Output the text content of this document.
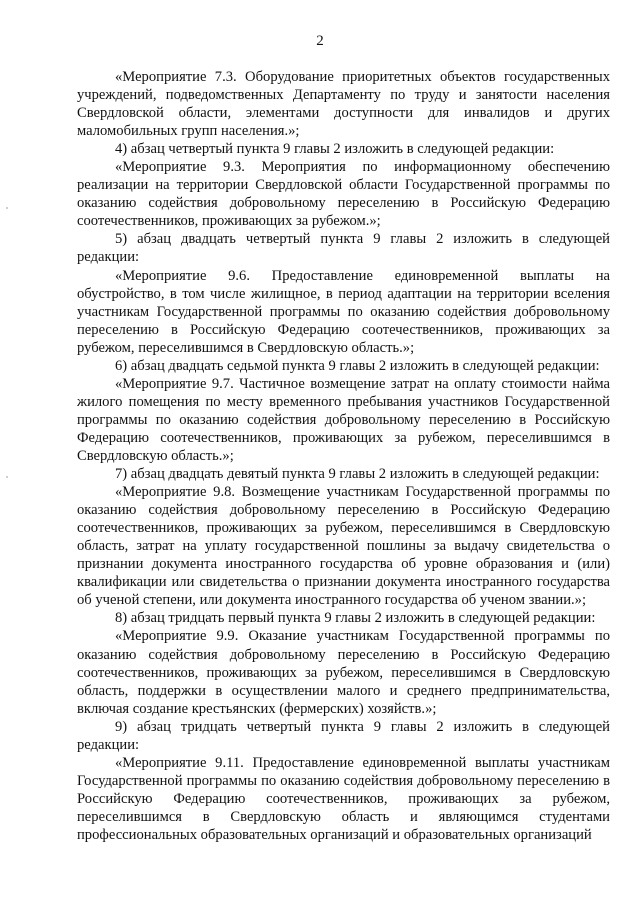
2

«Мероприятие 7.3. Оборудование приоритетных объектов государственных учреждений, подведомственных Департаменту по труду и занятости населения Свердловской области, элементами доступности для инвалидов и других маломобильных групп населения.»;

4) абзац четвертый пункта 9 главы 2 изложить в следующей редакции:

«Мероприятие 9.3. Мероприятия по информационному обеспечению реализации на территории Свердловской области Государственной программы по оказанию содействия добровольному переселению в Российскую Федерацию соотечественников, проживающих за рубежом.»;

5) абзац двадцать четвертый пункта 9 главы 2 изложить в следующей редакции:

«Мероприятие 9.6. Предоставление единовременной выплаты на обустройство, в том числе жилищное, в период адаптации на территории вселения участникам Государственной программы по оказанию содействия добровольному переселению в Российскую Федерацию соотечественников, проживающих за рубежом, переселившимся в Свердловскую область.»;

6) абзац двадцать седьмой пункта 9 главы 2 изложить в следующей редакции:

«Мероприятие 9.7. Частичное возмещение затрат на оплату стоимости найма жилого помещения по месту временного пребывания участников Государственной программы по оказанию содействия добровольному переселению в Российскую Федерацию соотечественников, проживающих за рубежом, переселившимся в Свердловскую область.»;

7) абзац двадцать девятый пункта 9 главы 2 изложить в следующей редакции:

«Мероприятие 9.8. Возмещение участникам Государственной программы по оказанию содействия добровольному переселению в Российскую Федерацию соотечественников, проживающих за рубежом, переселившимся в Свердловскую область, затрат на уплату государственной пошлины за выдачу свидетельства о признании документа иностранного государства об уровне образования и (или) квалификации или свидетельства о признании документа иностранного государства об ученой степени, или документа иностранного государства об ученом звании.»;

8) абзац тридцать первый пункта 9 главы 2 изложить в следующей редакции:

«Мероприятие 9.9. Оказание участникам Государственной программы по оказанию содействия добровольному переселению в Российскую Федерацию соотечественников, проживающих за рубежом, переселившимся в Свердловскую область, поддержки в осуществлении малого и среднего предпринимательства, включая создание крестьянских (фермерских) хозяйств.»;

9) абзац тридцать четвертый пункта 9 главы 2 изложить в следующей редакции:

«Мероприятие 9.11. Предоставление единовременной выплаты участникам Государственной программы по оказанию содействия добровольному переселению в Российскую Федерацию соотечественников, проживающих за рубежом, переселившимся в Свердловскую область и являющимся студентами профессиональных образовательных организаций и образовательных организаций
